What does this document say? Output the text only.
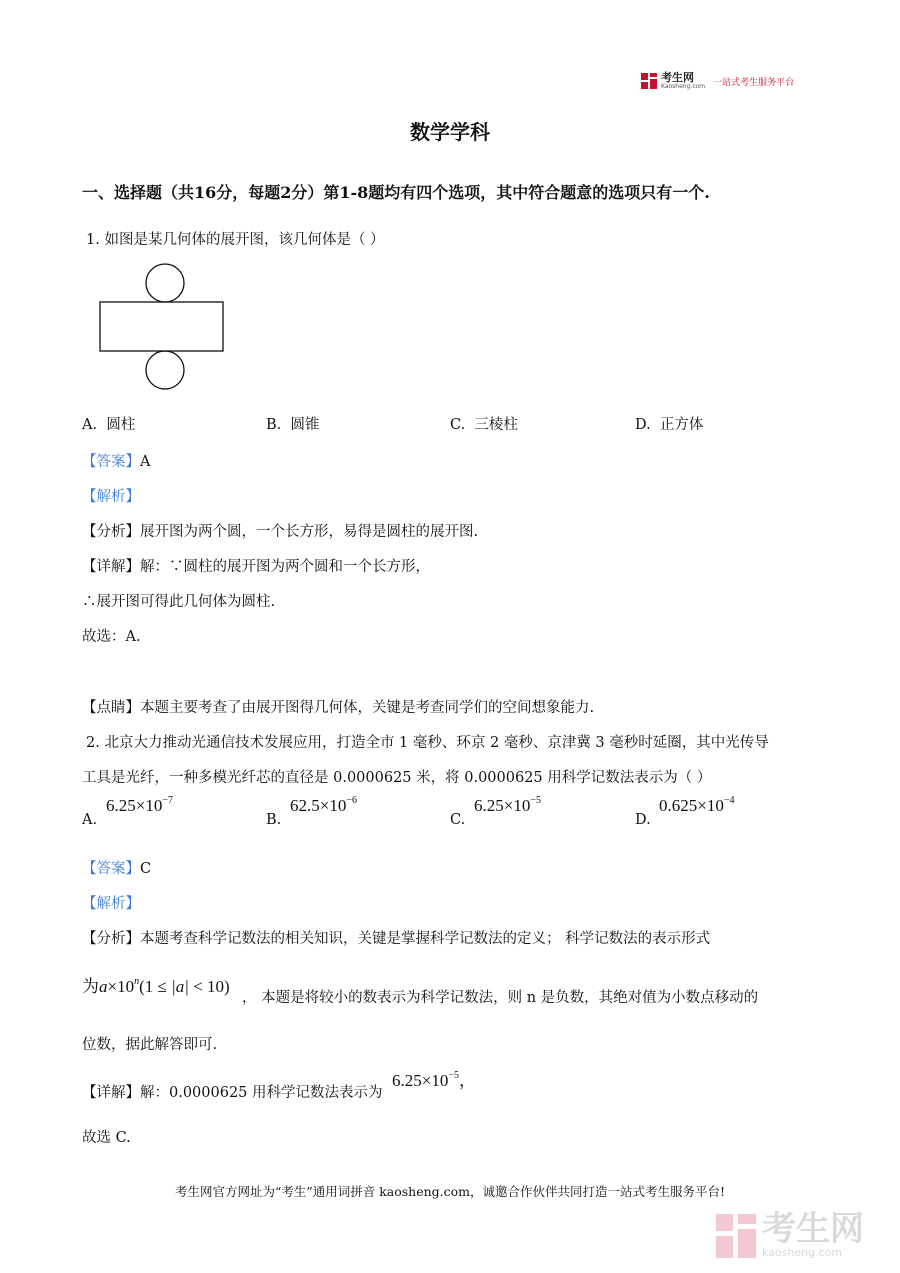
考生网
Kaosheng.com 一站式考生服务平台
数学学科
一、选择题（共16分，每题2分）第1-8题均有四个选项，其中符合题意的选项只有一个.
1. 如图是某几何体的展开图，该几何体是（ ）
A. 圆柱	B. 圆锥	C. 三棱柱	D. 正方体
【答案】A
【解析】
【分析】展开图为两个圆，一个长方形，易得是圆柱的展开图.
【详解】解：∵圆柱的展开图为两个圆和一个长方形，
∴展开图可得此几何体为圆柱.
故选：A.
【点睛】本题主要考查了由展开图得几何体，关键是考查同学们的空间想象能力.
2. 北京大力推动光通信技术发展应用，打造全市 1 毫秒、环京 2 毫秒、京津冀 3 毫秒时延圈，其中光传导
工具是光纤，一种多模光纤芯的直径是 0.0000625 米，将 0.0000625 用科学记数法表示为（ ）
A.
$6.25\times 10^{-7}$
B.
$62.5\times 10^{-6}$
C.
$6.25\times 10^{-5}$
D.
$0.625\times 10^{-4}$
【答案】C
【解析】
【分析】本题考查科学记数法的相关知识，关键是掌握科学记数法的定义； 科学记数法的表示形式
为$a\times 10^n(1 \le |a| < 10)$
， 本题是将较小的数表示为科学记数法，则 n 是负数，其绝对值为小数点移动的
位数，据此解答即可.
【详解】解：0.0000625 用科学记数法表示为
$6.25\times 10^{-5}$，
故选 C.
考生网官方网址为“考生”通用词拼音 kaosheng.com，诚邀合作伙伴共同打造一站式考生服务平台!
考生网
kaosheng.com
